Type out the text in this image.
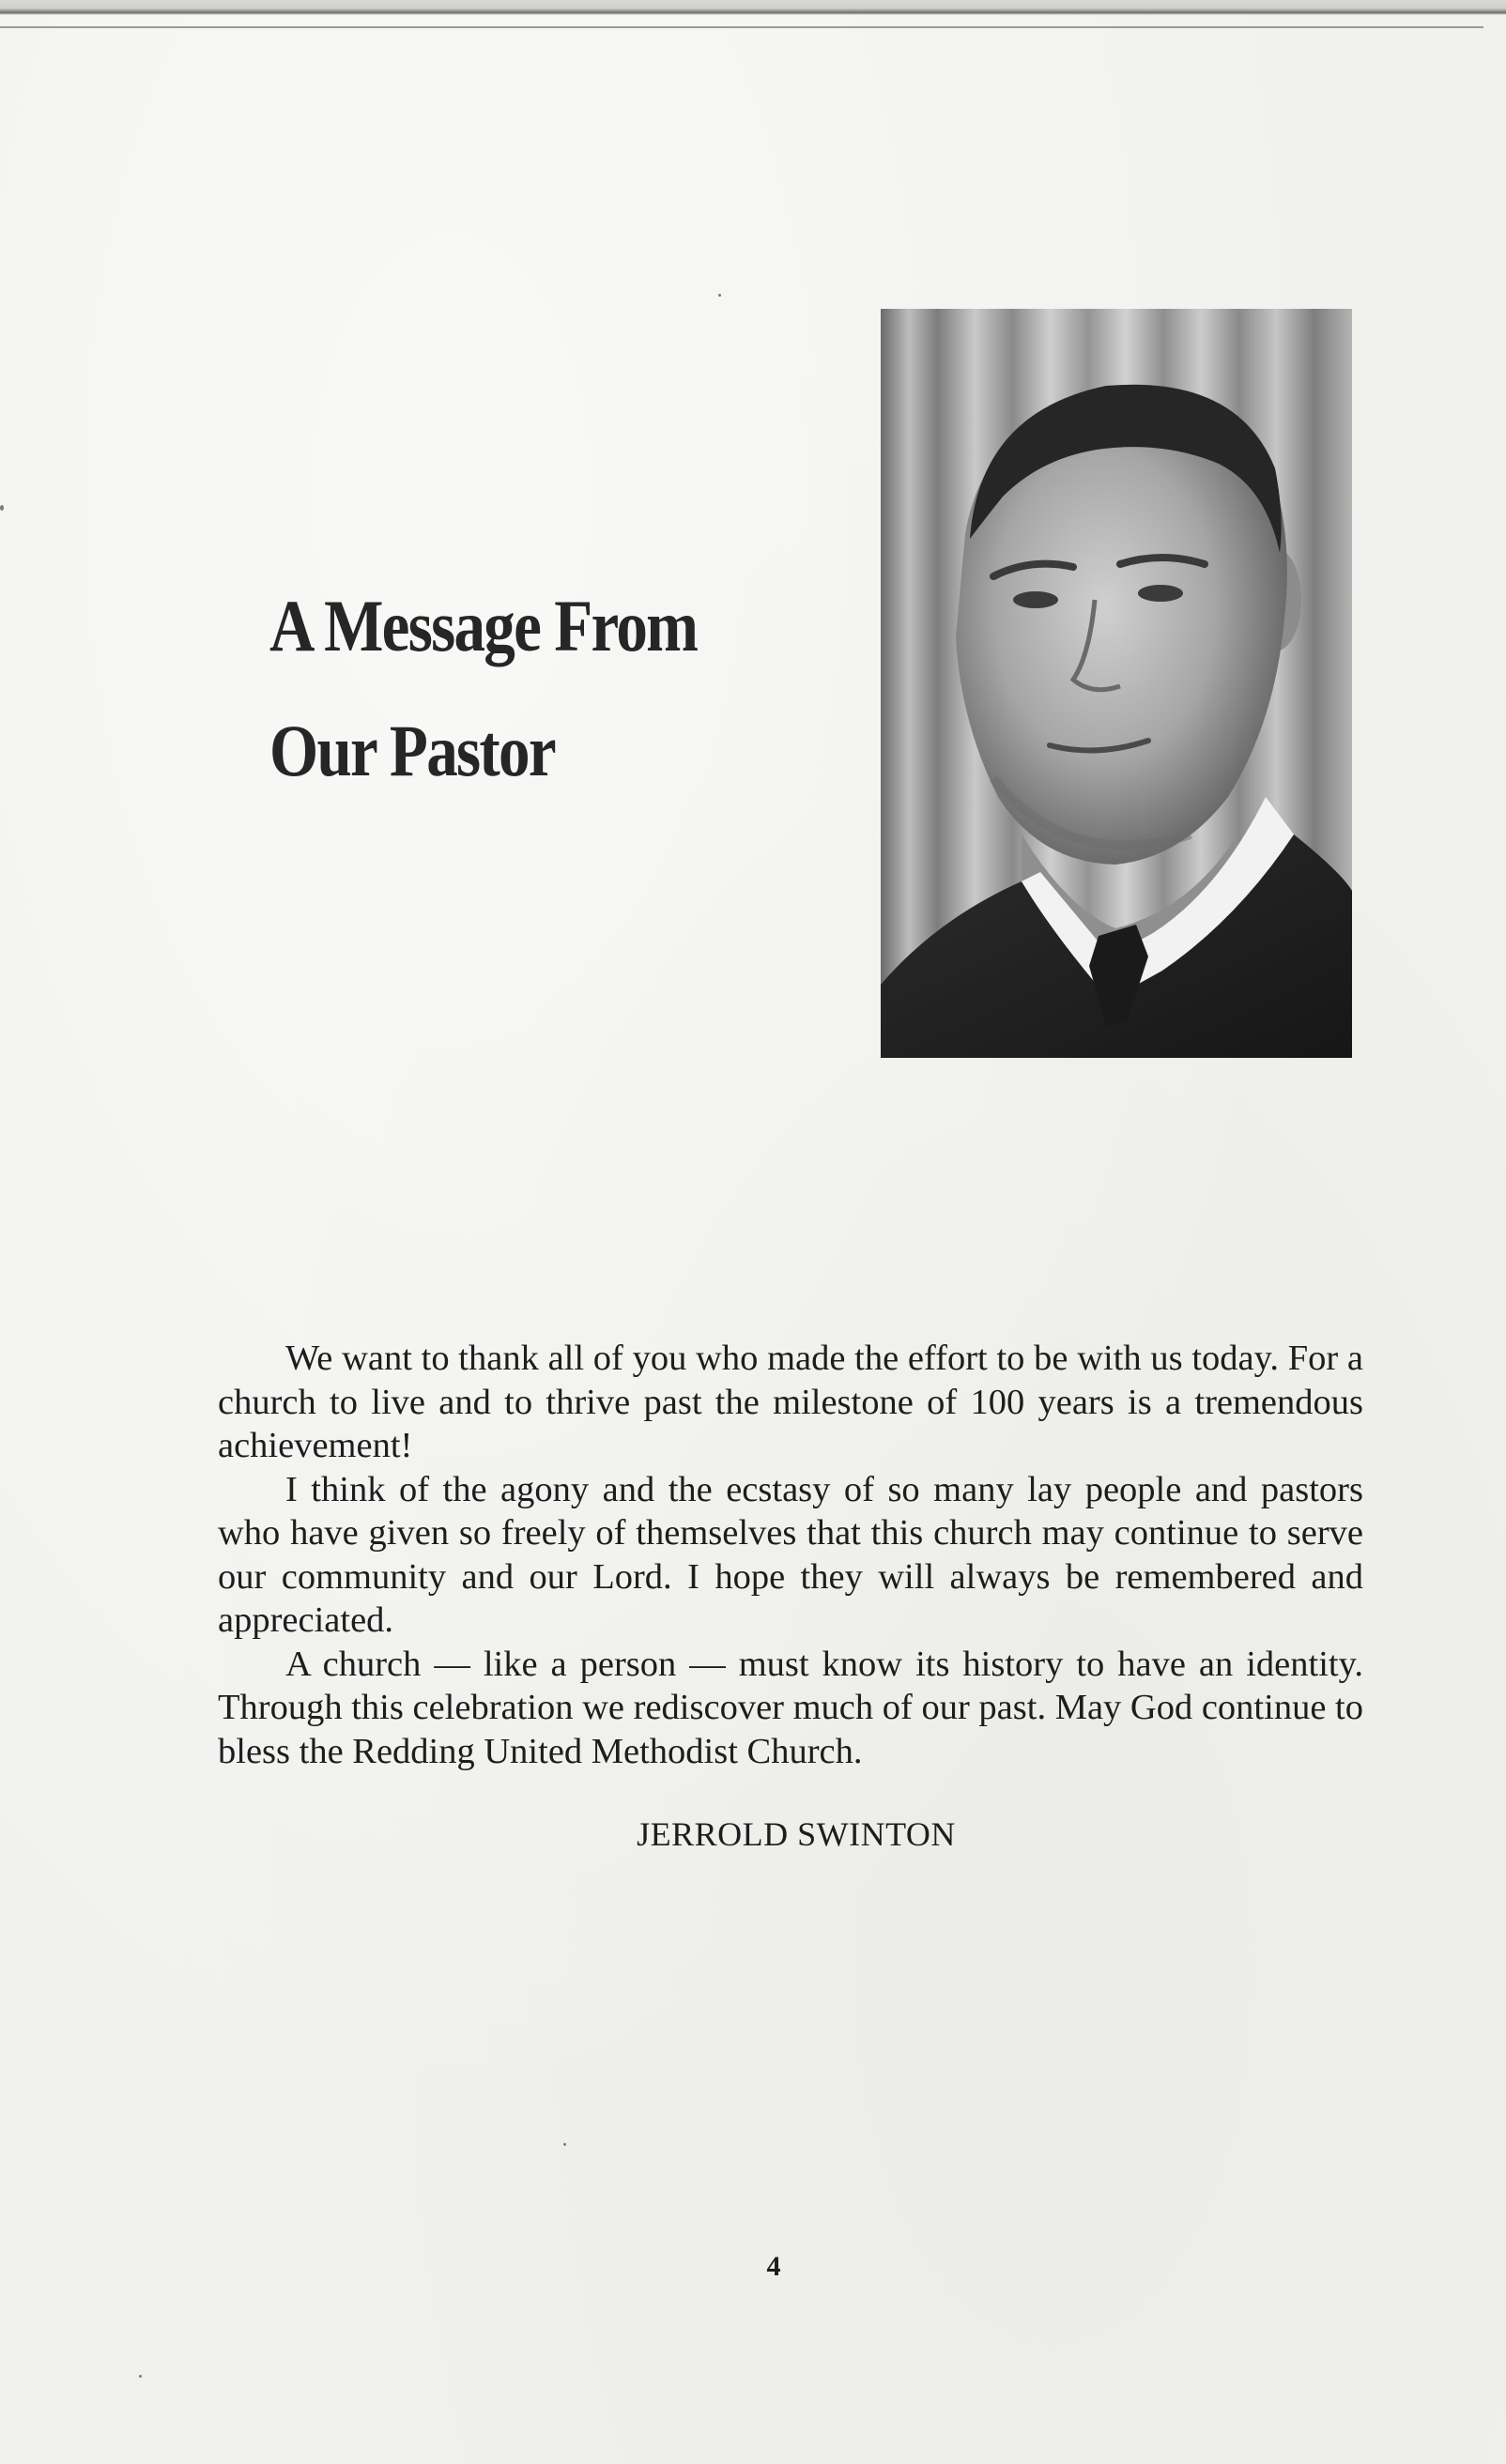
A Message From
Our Pastor

We want to thank all of you who made the effort to be with us today. For a church to live and to thrive past the milestone of 100 years is a tremendous achievement!

I think of the agony and the ecstasy of so many lay people and pastors who have given so freely of themselves that this church may continue to serve our community and our Lord. I hope they will always be remembered and appreciated.

A church — like a person — must know its history to have an identity. Through this celebration we rediscover much of our past. May God continue to bless the Redding United Methodist Church.

JERROLD SWINTON
4
